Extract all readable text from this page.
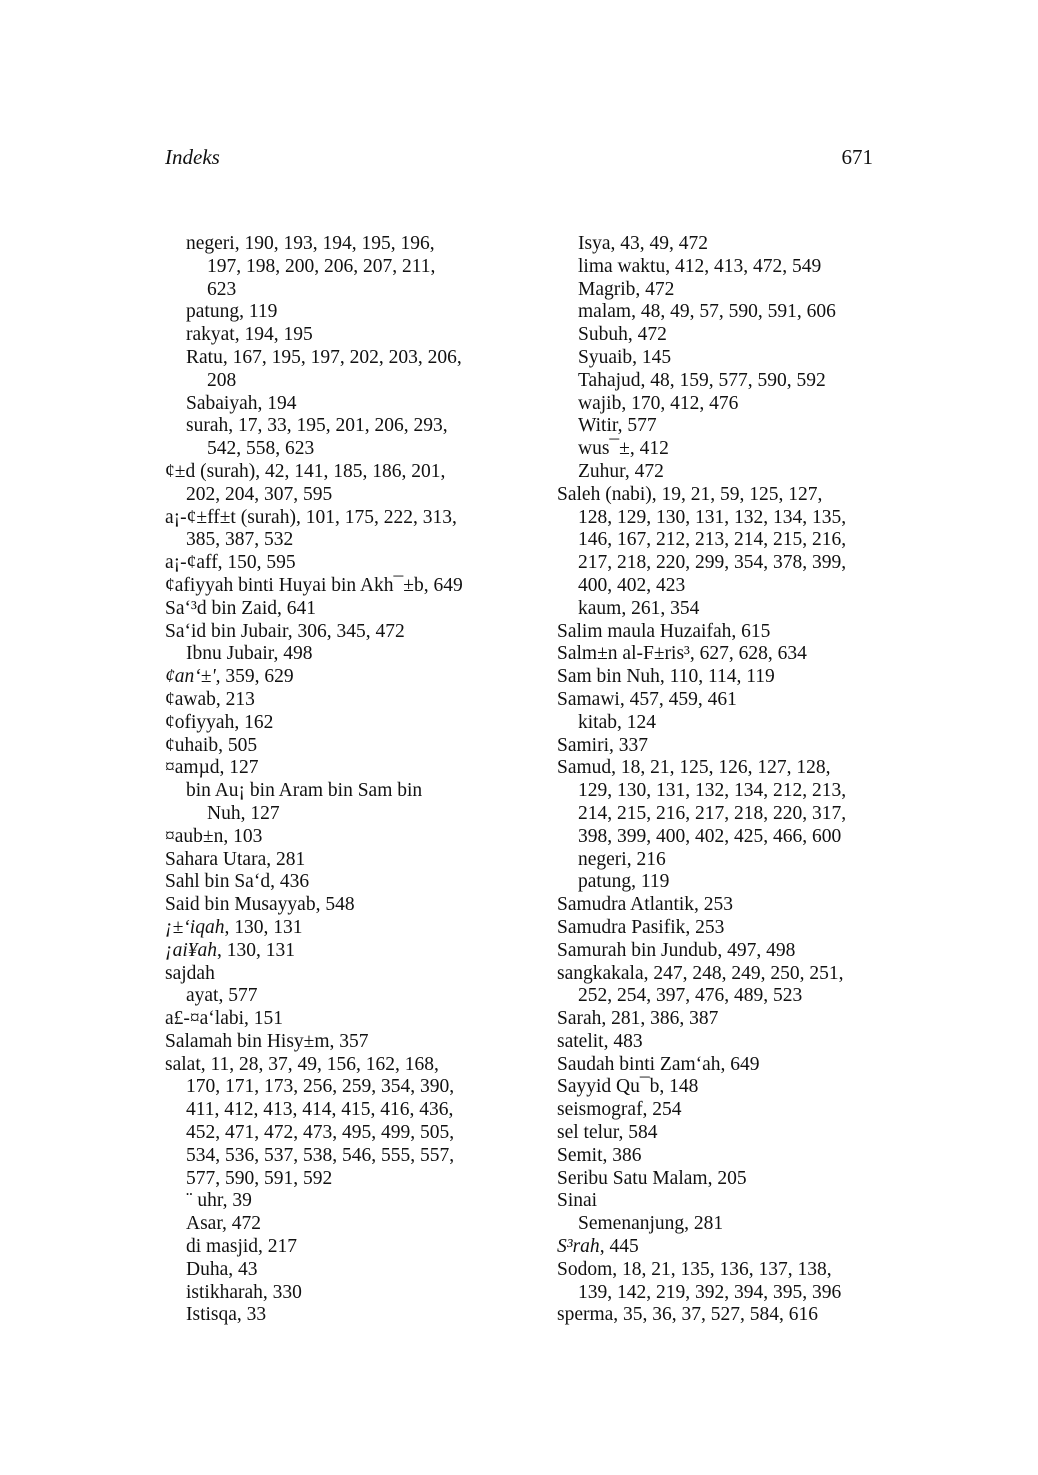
Indeks	671
negeri, 190, 193, 194, 195, 196,
197, 198, 200, 206, 207, 211,
623
patung, 119
rakyat, 194, 195
Ratu, 167, 195, 197, 202, 203, 206,
208
Sabaiyah, 194
surah, 17, 33, 195, 201, 206, 293,
542, 558, 623
¢±d (surah), 42, 141, 185, 186, 201,
202, 204, 307, 595
a¡-¢±ff±t (surah), 101, 175, 222, 313,
385, 387, 532
a¡-¢aff, 150, 595
¢afiyyah binti Huyai bin Akh¯±b, 649
Sa‘³d bin Zaid, 641
Sa‘id bin Jubair, 306, 345, 472
Ibnu Jubair, 498
¢an‘±', 359, 629
¢awab, 213
¢ofiyyah, 162
¢uhaib, 505
¤amµd, 127
bin Au¡ bin Aram bin Sam bin
Nuh, 127
¤aub±n, 103
Sahara Utara, 281
Sahl bin Sa‘d, 436
Said bin Musayyab, 548
¡±‘iqah, 130, 131
¡ai¥ah, 130, 131
sajdah
ayat, 577
a£-¤a‘labi, 151
Salamah bin Hisy±m, 357
salat, 11, 28, 37, 49, 156, 162, 168,
170, 171, 173, 256, 259, 354, 390,
411, 412, 413, 414, 415, 416, 436,
452, 471, 472, 473, 495, 499, 505,
534, 536, 537, 538, 546, 555, 557,
577, 590, 591, 592
¨ uhr, 39
Asar, 472
di masjid, 217
Duha, 43
istikharah, 330
Istisqa, 33
Isya, 43, 49, 472
lima waktu, 412, 413, 472, 549
Magrib, 472
malam, 48, 49, 57, 590, 591, 606
Subuh, 472
Syuaib, 145
Tahajud, 48, 159, 577, 590, 592
wajib, 170, 412, 476
Witir, 577
wus¯±, 412
Zuhur, 472
Saleh (nabi), 19, 21, 59, 125, 127,
128, 129, 130, 131, 132, 134, 135,
146, 167, 212, 213, 214, 215, 216,
217, 218, 220, 299, 354, 378, 399,
400, 402, 423
kaum, 261, 354
Salim maula Huzaifah, 615
Salm±n al-F±ris³, 627, 628, 634
Sam bin Nuh, 110, 114, 119
Samawi, 457, 459, 461
kitab, 124
Samiri, 337
Samud, 18, 21, 125, 126, 127, 128,
129, 130, 131, 132, 134, 212, 213,
214, 215, 216, 217, 218, 220, 317,
398, 399, 400, 402, 425, 466, 600
negeri, 216
patung, 119
Samudra Atlantik, 253
Samudra Pasifik, 253
Samurah bin Jundub, 497, 498
sangkakala, 247, 248, 249, 250, 251,
252, 254, 397, 476, 489, 523
Sarah, 281, 386, 387
satelit, 483
Saudah binti Zam‘ah, 649
Sayyid Qu¯b, 148
seismograf, 254
sel telur, 584
Semit, 386
Seribu Satu Malam, 205
Sinai
Semenanjung, 281
S³rah, 445
Sodom, 18, 21, 135, 136, 137, 138,
139, 142, 219, 392, 394, 395, 396
sperma, 35, 36, 37, 527, 584, 616
